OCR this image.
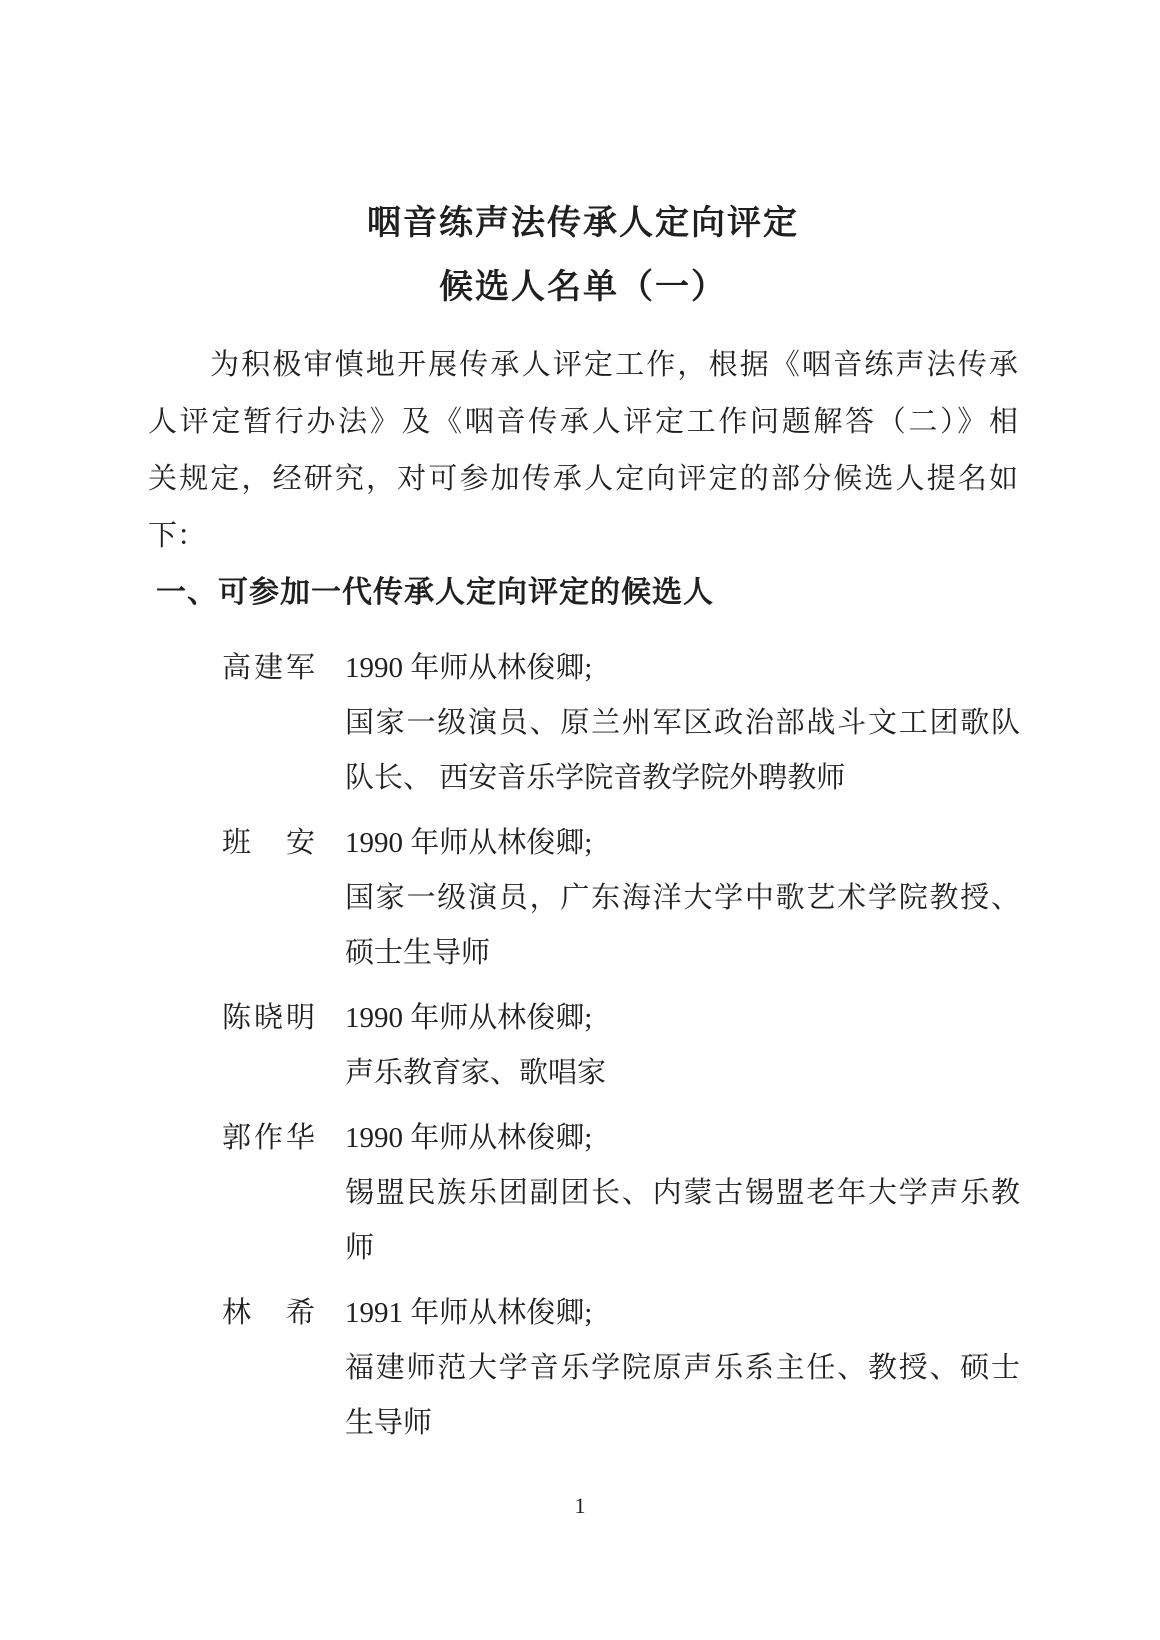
咽音练声法传承人定向评定
候选人名单（一）
为积极审慎地开展传承人评定工作，根据《咽音练声法传承
人评定暂行办法》及《咽音传承人评定工作问题解答（二）》相
关规定，经研究，对可参加传承人定向评定的部分候选人提名如
下：
一、可参加一代传承人定向评定的候选人
高建军 1990 年师从林俊卿;
国家一级演员、原兰州军区政治部战斗文工团歌队
队长、 西安音乐学院音教学院外聘教师
班 安 1990 年师从林俊卿;
国家一级演员，广东海洋大学中歌艺术学院教授、
硕士生导师
陈晓明 1990 年师从林俊卿;
声乐教育家、歌唱家
郭作华 1990 年师从林俊卿;
锡盟民族乐团副团长、内蒙古锡盟老年大学声乐教
师
林 希 1991 年师从林俊卿;
福建师范大学音乐学院原声乐系主任、教授、硕士
生导师
1
